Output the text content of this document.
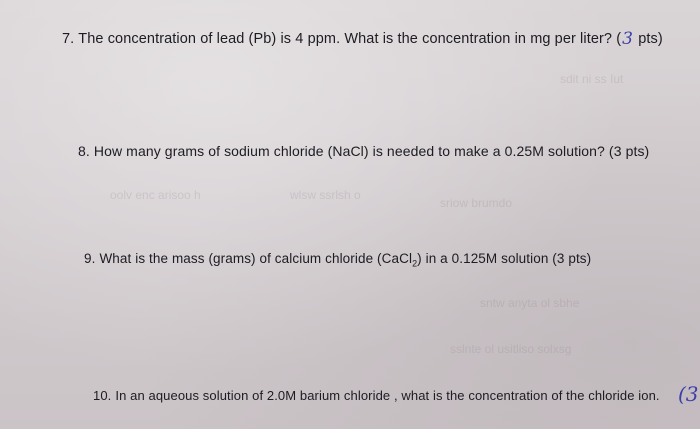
sdit ni ss Iut
oolv enc arisoo h	wlsw ssrlsh o
sriow brumdo
sntw anyta ol sbhe
sslnte ol usitliso solxsg
7. The concentration of lead (Pb) is 4 ppm. What is the concentration in mg per liter? (3 pts)
8. How many grams of sodium chloride (NaCl) is needed to make a 0.25M solution? (3 pts)
9. What is the mass (grams) of calcium chloride (CaCl$_2$) in a 0.125M solution (3 pts)
10. In an aqueous solution of 2.0M barium chloride , what is the concentration of the chloride ion. (3
